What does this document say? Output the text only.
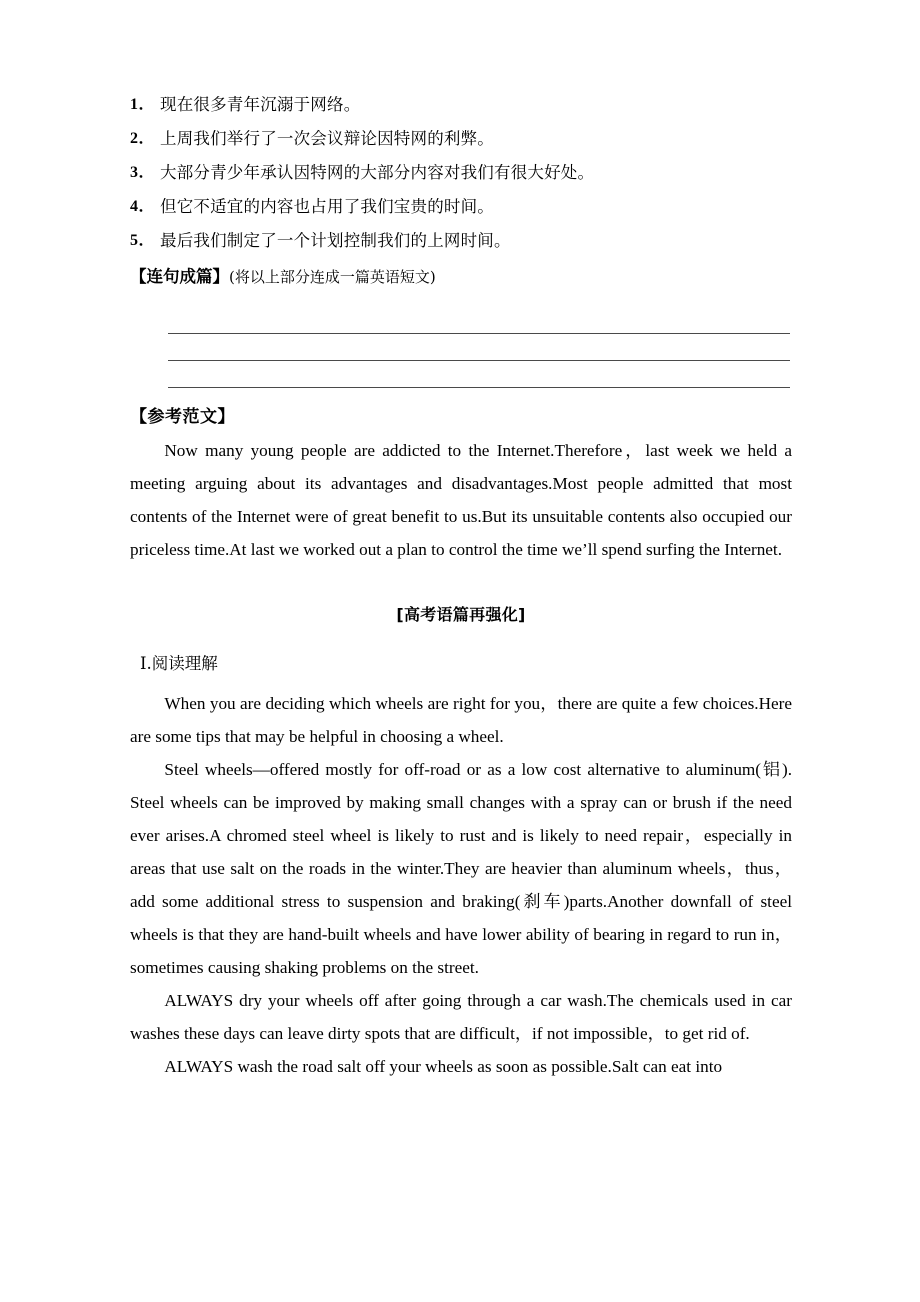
1． 现在很多青年沉溺于网络。
2． 上周我们举行了一次会议辩论因特网的利弊。
3． 大部分青少年承认因特网的大部分内容对我们有很大好处。
4． 但它不适宜的内容也占用了我们宝贵的时间。
5． 最后我们制定了一个计划控制我们的上网时间。
【连句成篇】(将以上部分连成一篇英语短文)
【参考范文】

Now many young people are addicted to the Internet.Therefore，last week we held a meeting arguing about its advantages and disadvantages.Most people admitted that most contents of the Internet were of great benefit to us.But its unsuitable contents also occupied our priceless time.At last we worked out a plan to control the time we’ll spend surfing the Internet.

[高考语篇再强化]
Ⅰ.阅读理解

When you are deciding which wheels are right for you，there are quite a few choices.Here are some tips that may be helpful in choosing a wheel.

Steel wheels—offered mostly for off‐road or as a low cost alternative to aluminum(铝). Steel wheels can be improved by making small changes with a spray can or brush if the need ever arises.A chromed steel wheel is likely to rust and is likely to need repair，especially in areas that use salt on the roads in the winter.They are heavier than aluminum wheels，thus，add some additional stress to suspension and braking(刹车)parts.Another downfall of steel wheels is that they are hand-built wheels and have lower ability of bearing in regard to run in，sometimes causing shaking problems on the street.

ALWAYS dry your wheels off after going through a car wash.The chemicals used in car washes these days can leave dirty spots that are difficult，if not impossible，to get rid of.

ALWAYS wash the road salt off your wheels as soon as possible.Salt can eat into
